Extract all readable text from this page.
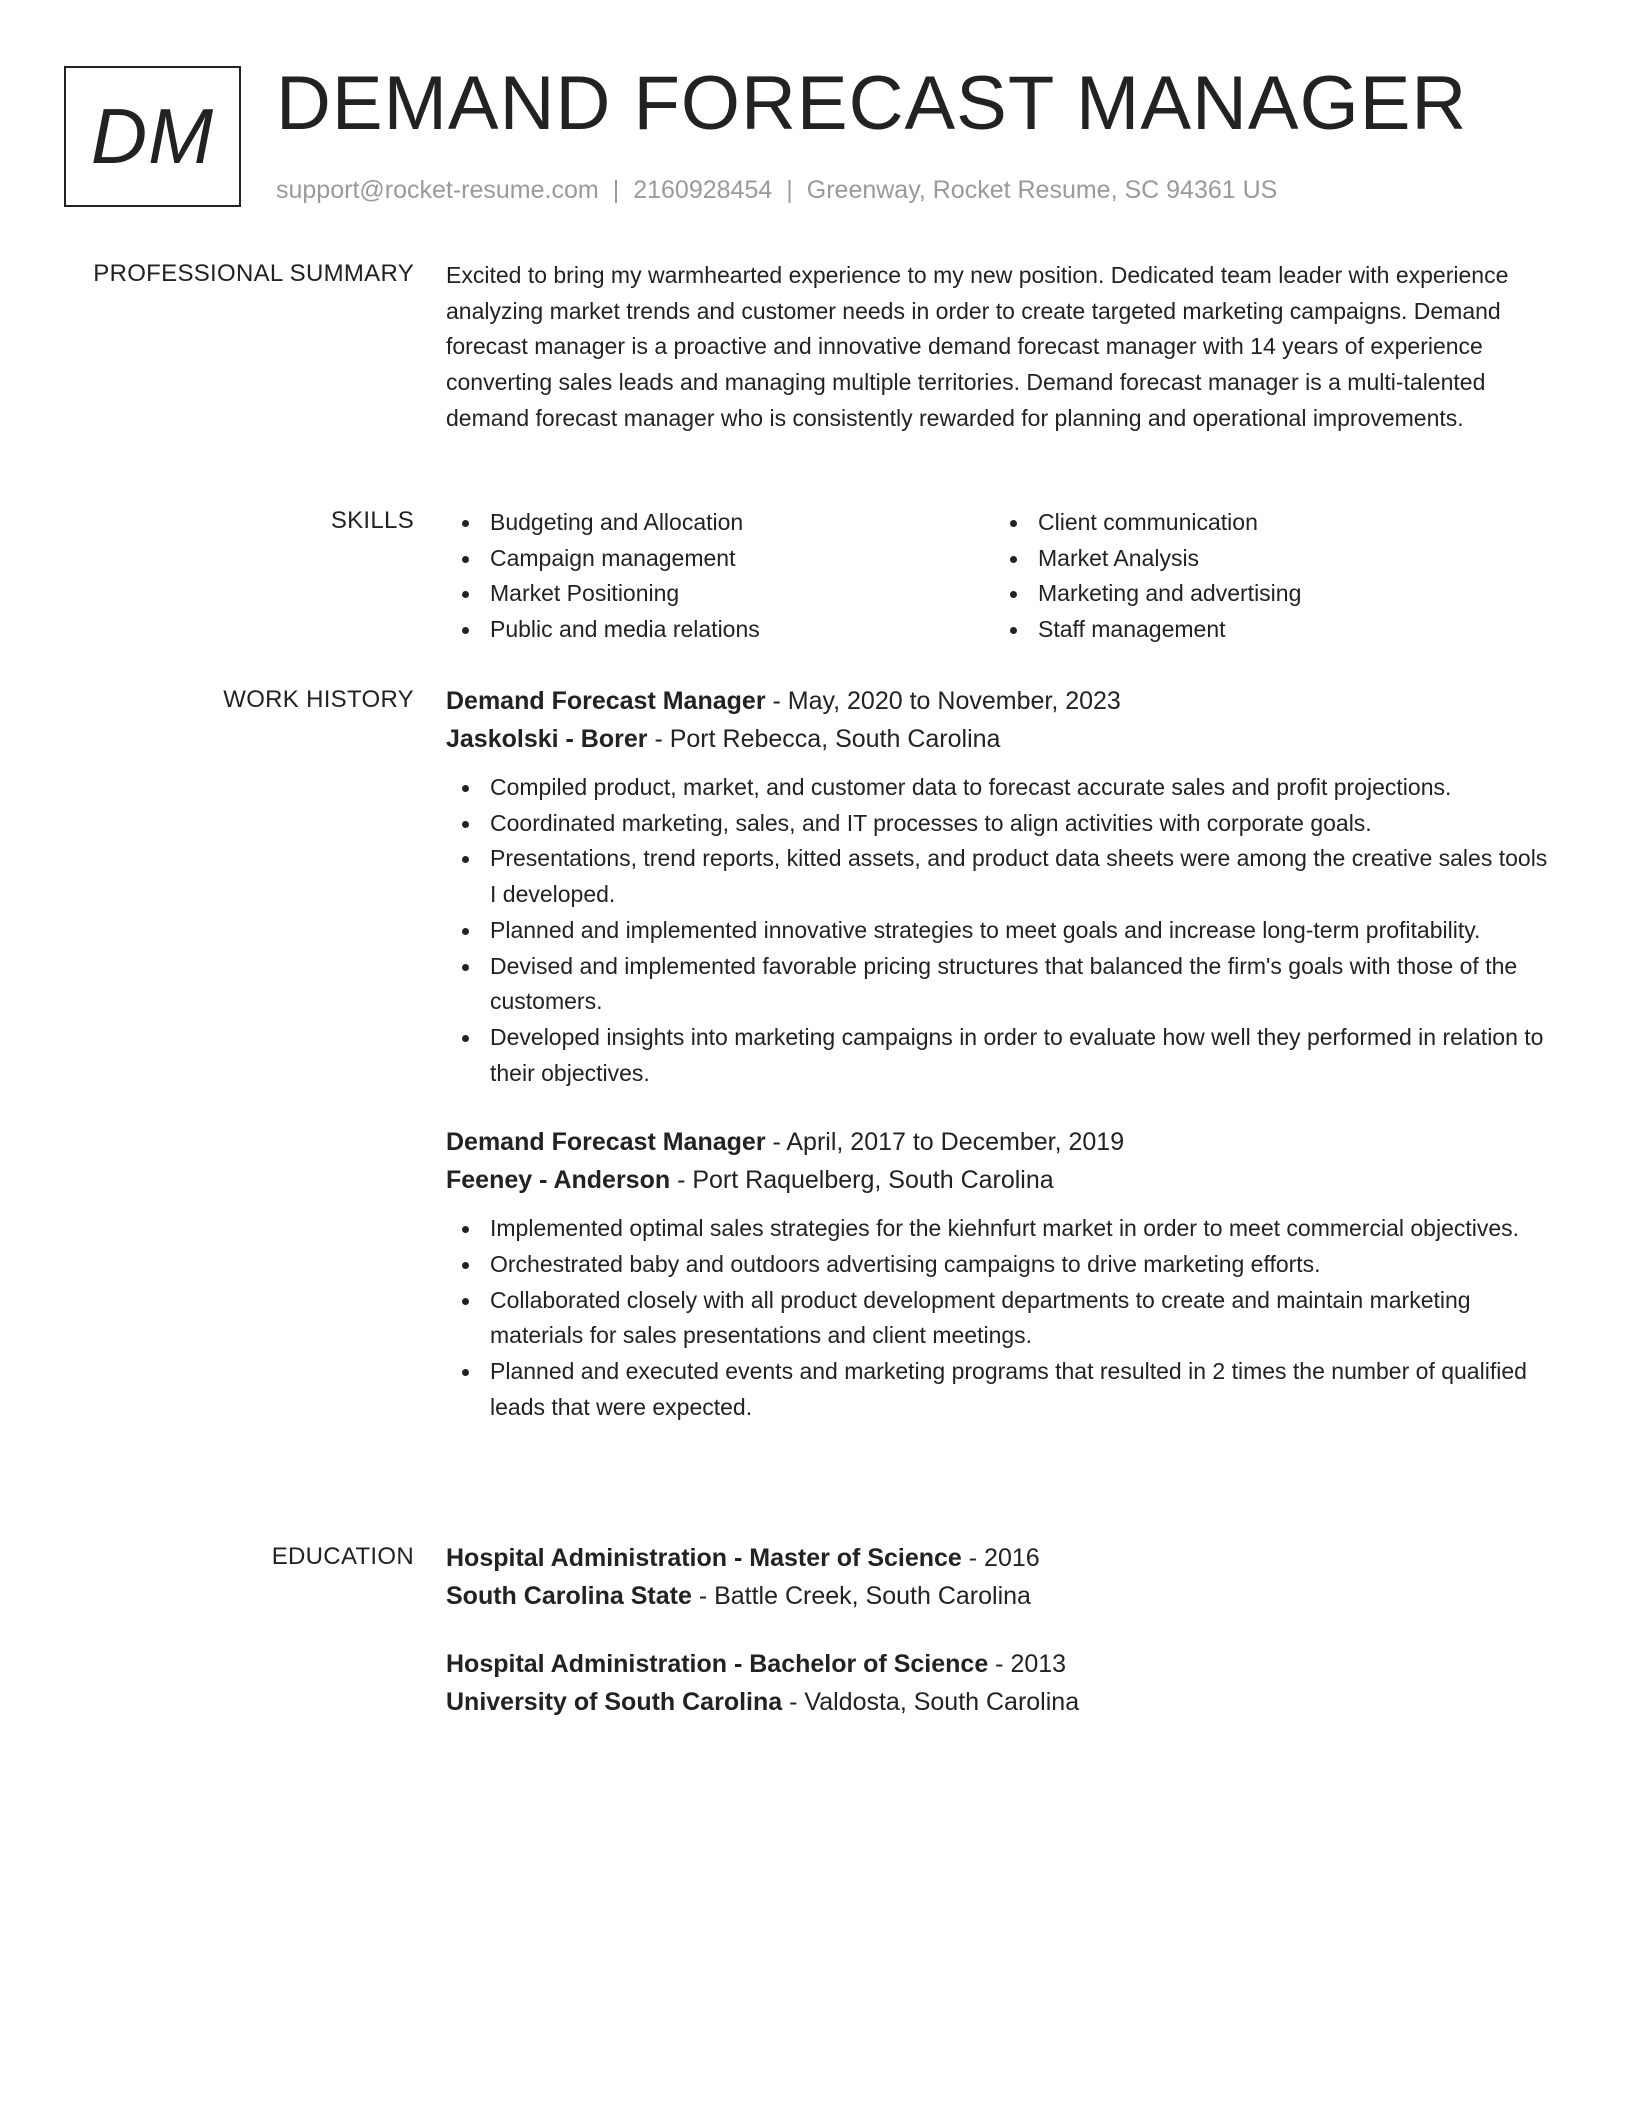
DM DEMAND FORECAST MANAGER
support@rocket-resume.com | 2160928454 | Greenway, Rocket Resume, SC 94361 US
PROFESSIONAL SUMMARY Excited to bring my warmhearted experience to my new position. Dedicated team leader with experience analyzing market trends and customer needs in order to create targeted marketing campaigns. Demand forecast manager is a proactive and innovative demand forecast manager with 14 years of experience converting sales leads and managing multiple territories. Demand forecast manager is a multi-talented demand forecast manager who is consistently rewarded for planning and operational improvements.

SKILLS	Budgeting and Allocation
Campaign management
Market Positioning
Public and media relations
Client communication
Market Analysis
Marketing and advertising
Staff management
WORK HISTORY Demand Forecast Manager - May, 2020 to November, 2023
Jaskolski - Borer - Port Rebecca, South Carolina
Compiled product, market, and customer data to forecast accurate sales and profit projections.
Coordinated marketing, sales, and IT processes to align activities with corporate goals.
Presentations, trend reports, kitted assets, and product data sheets were among the creative sales tools I developed.
Planned and implemented innovative strategies to meet goals and increase long-term profitability.
Devised and implemented favorable pricing structures that balanced the firm's goals with those of the customers.
Developed insights into marketing campaigns in order to evaluate how well they performed in relation to their objectives.
Demand Forecast Manager - April, 2017 to December, 2019
Feeney - Anderson - Port Raquelberg, South Carolina
Implemented optimal sales strategies for the kiehnfurt market in order to meet commercial objectives.
Orchestrated baby and outdoors advertising campaigns to drive marketing efforts.
Collaborated closely with all product development departments to create and maintain marketing materials for sales presentations and client meetings.
Planned and executed events and marketing programs that resulted in 2 times the number of qualified leads that were expected.
EDUCATION Hospital Administration - Master of Science - 2016
South Carolina State - Battle Creek, South Carolina
Hospital Administration - Bachelor of Science - 2013
University of South Carolina - Valdosta, South Carolina
